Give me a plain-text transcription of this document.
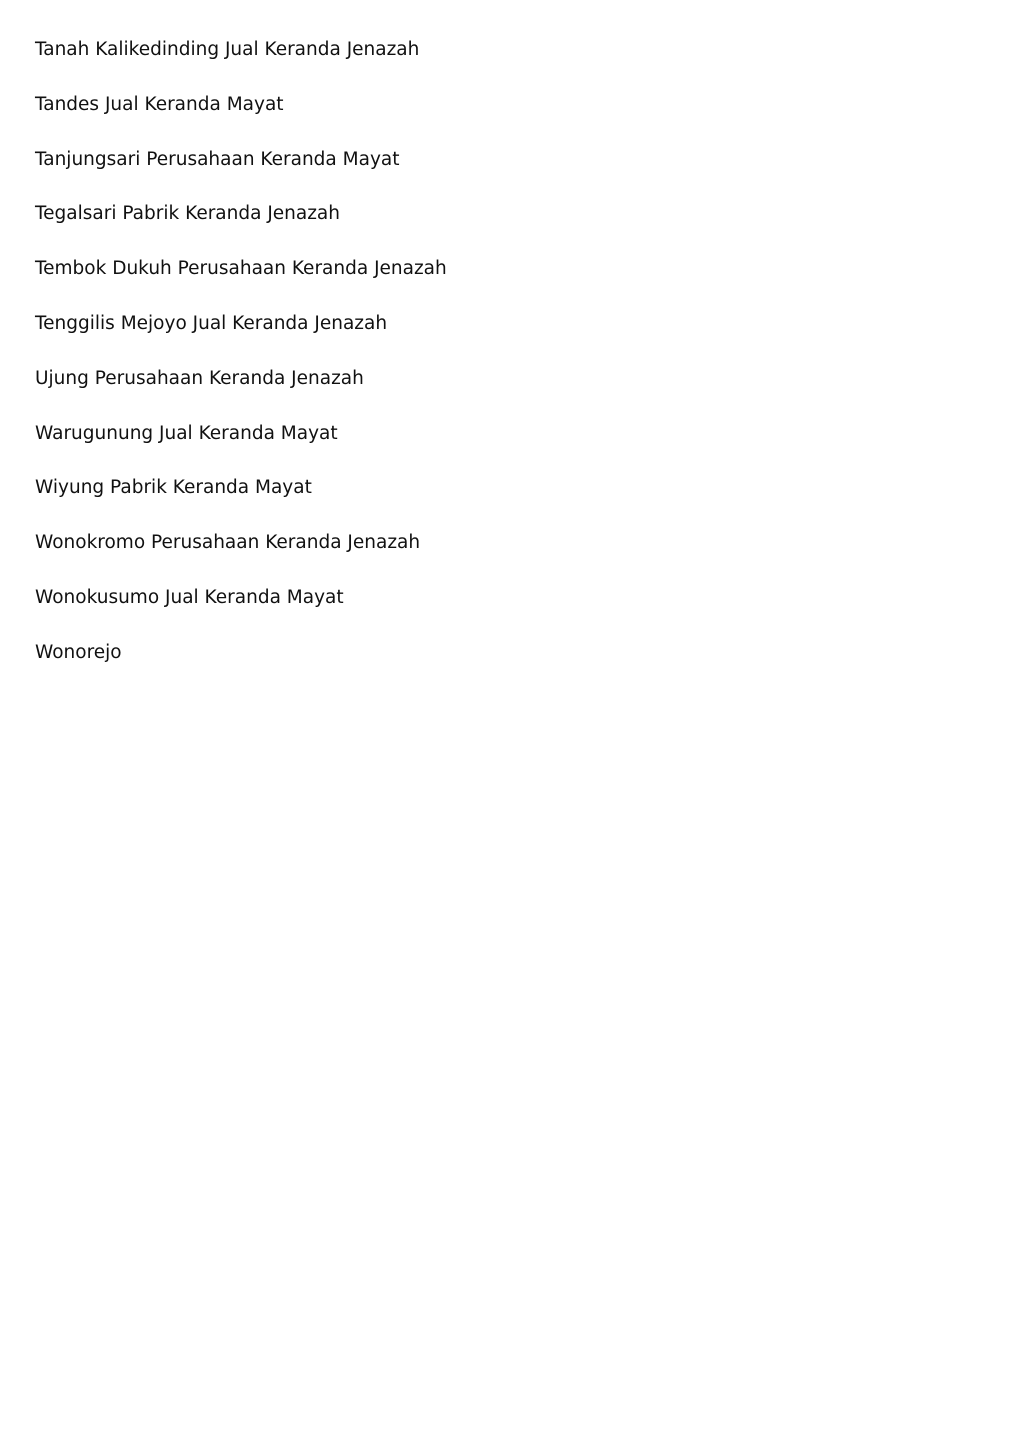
Tanah Kalikedinding Jual Keranda Jenazah
Tandes Jual Keranda Mayat
Tanjungsari Perusahaan Keranda Mayat
Tegalsari Pabrik Keranda Jenazah
Tembok Dukuh Perusahaan Keranda Jenazah
Tenggilis Mejoyo Jual Keranda Jenazah
Ujung Perusahaan Keranda Jenazah
Warugunung Jual Keranda Mayat
Wiyung Pabrik Keranda Mayat
Wonokromo Perusahaan Keranda Jenazah
Wonokusumo Jual Keranda Mayat
Wonorejo
